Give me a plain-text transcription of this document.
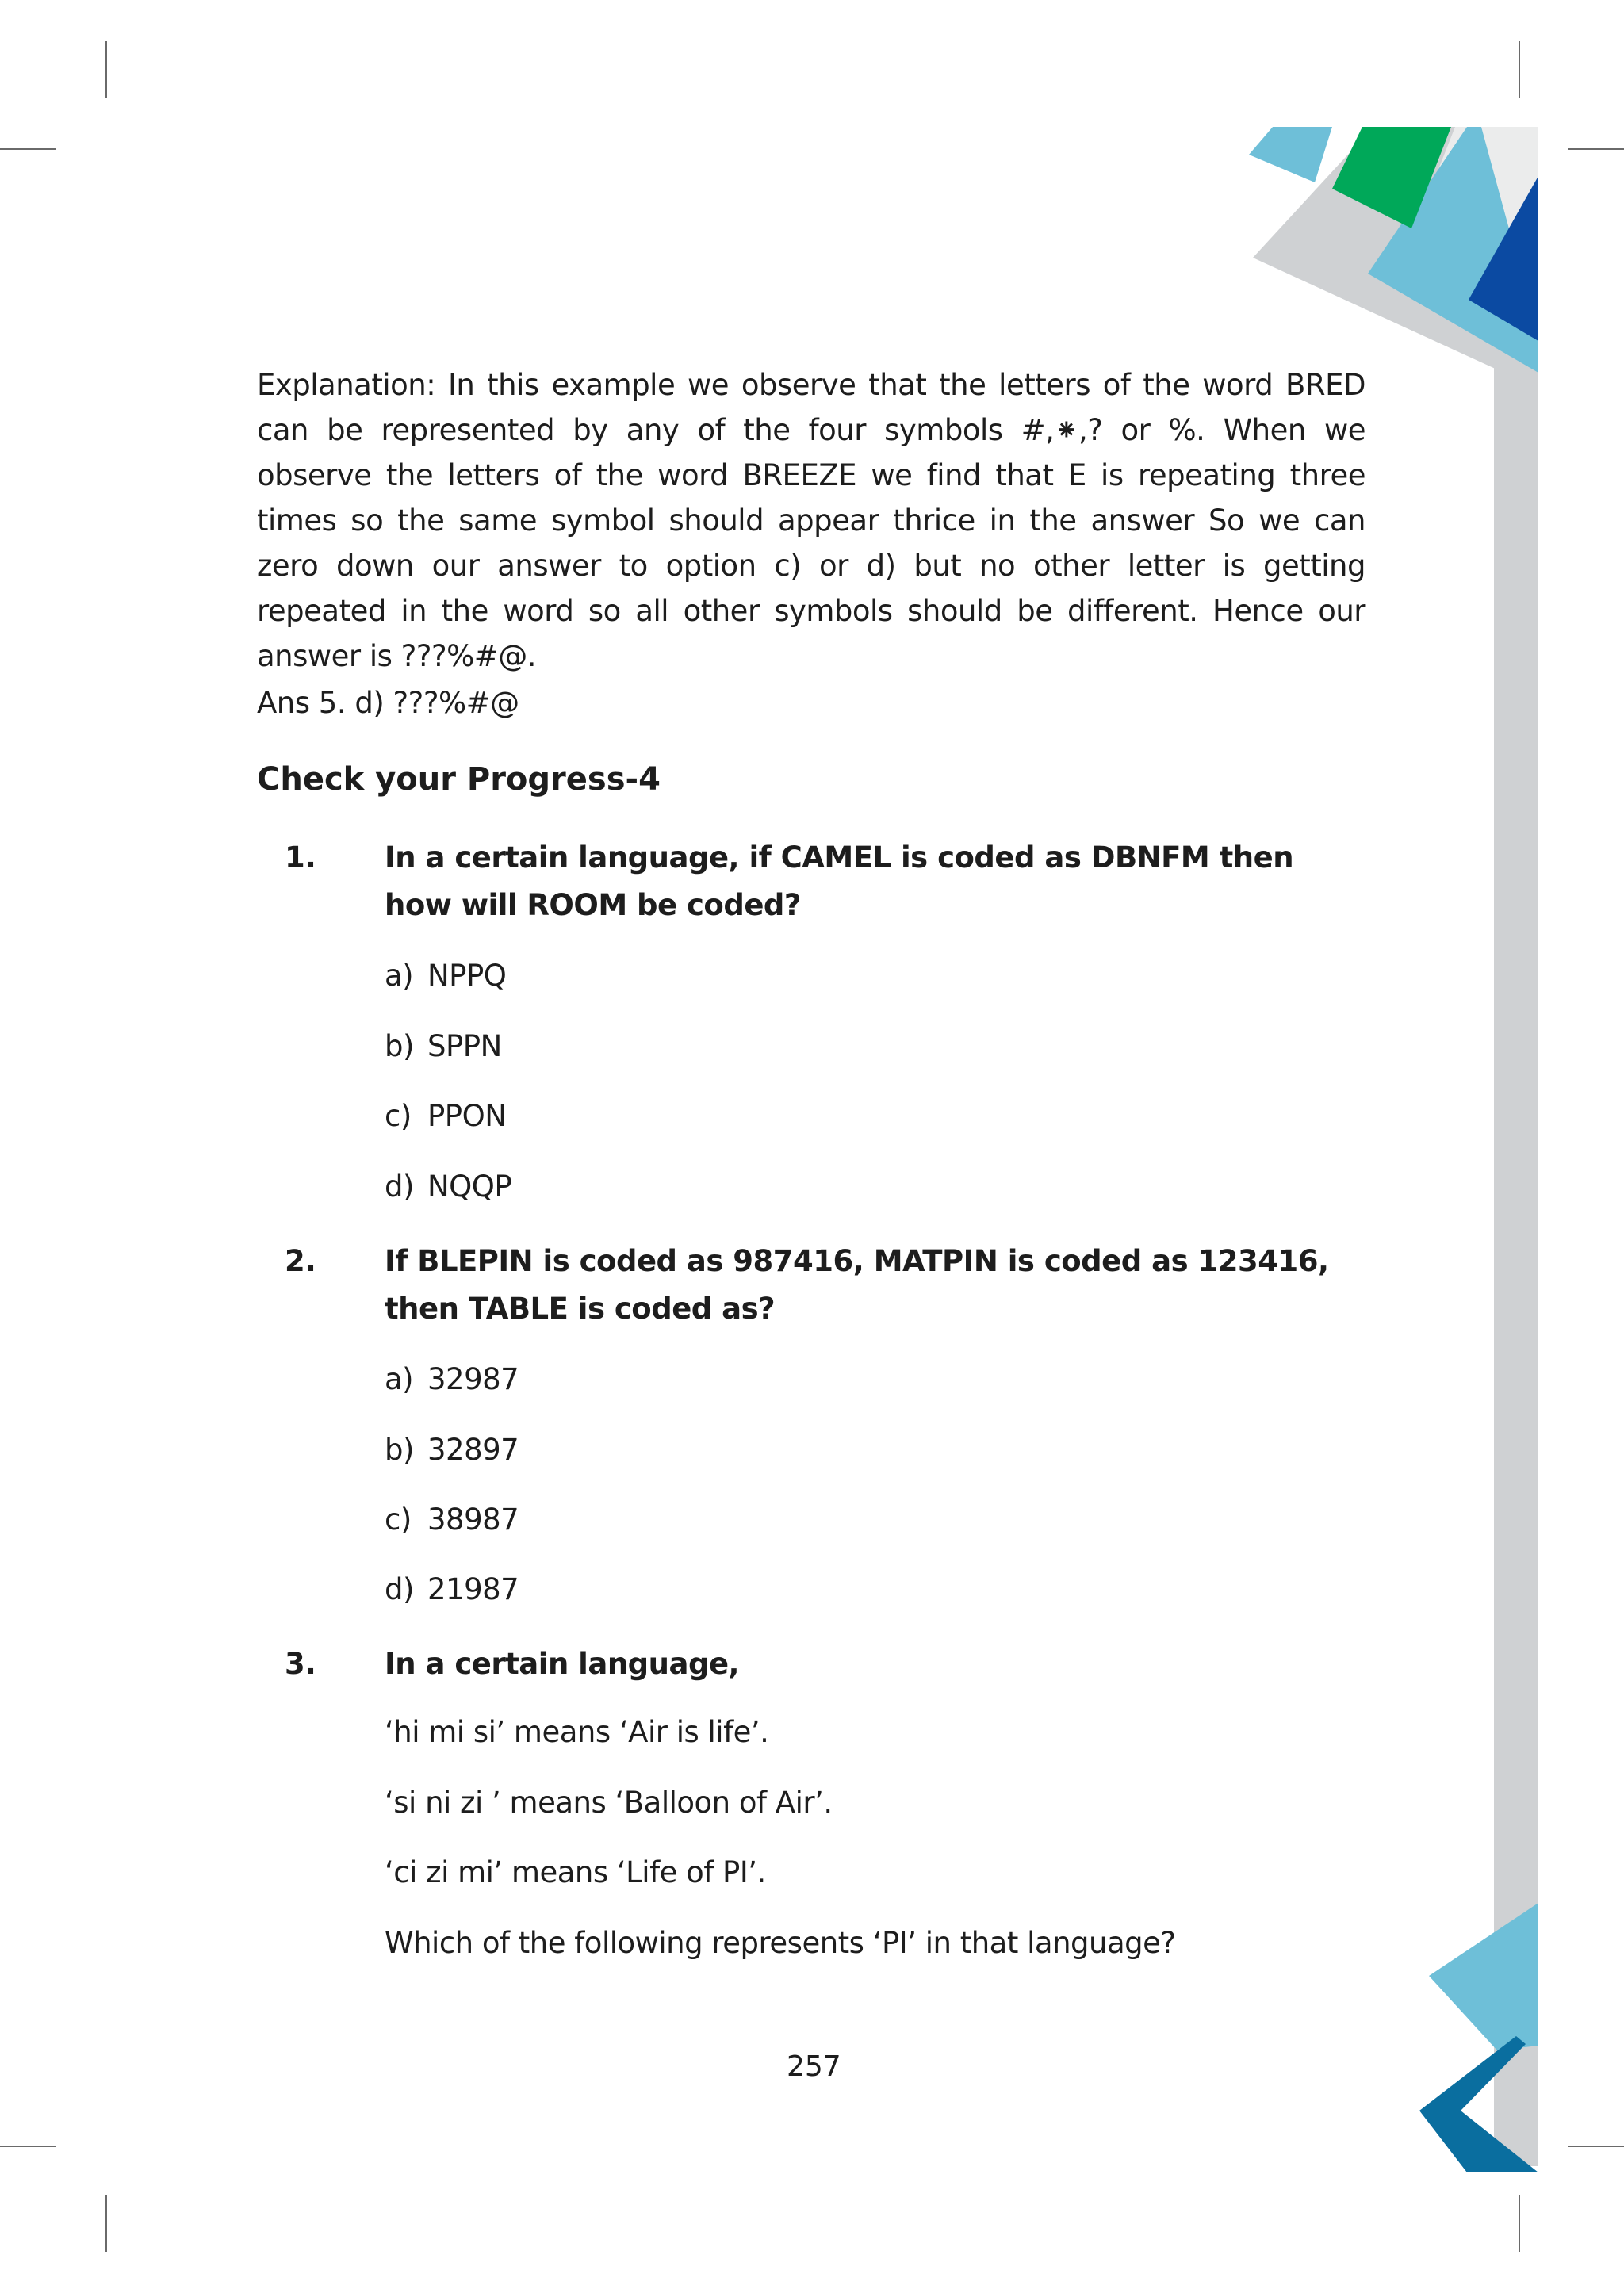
Explanation: In this example we observe that the letters of the word BRED can be represented by any of the four symbols #,⁕,? or %. When we observe the letters of the word BREEZE we find that E is repeating three times so the same symbol should appear thrice in the answer So we can zero down our answer to option c) or d) but no other letter is getting repeated in the word so all other symbols should be different. Hence our answer is ???%#@.

Ans 5. d) ???%#@
Check your Progress-4
1. In a certain language, if CAMEL is coded as DBNFM then how will ROOM be coded?
a) NPPQ
b) SPPN
c) PPON
d) NQQP
2. If BLEPIN is coded as 987416, MATPIN is coded as 123416, then TABLE is coded as?
a) 32987
b) 32897
c) 38987
d) 21987
3. In a certain language,
‘hi mi si’ means ‘Air is life’.
‘si ni zi ’ means ‘Balloon of Air’.
‘ci zi mi’ means ‘Life of PI’.
Which of the following represents ‘PI’ in that language?
257
